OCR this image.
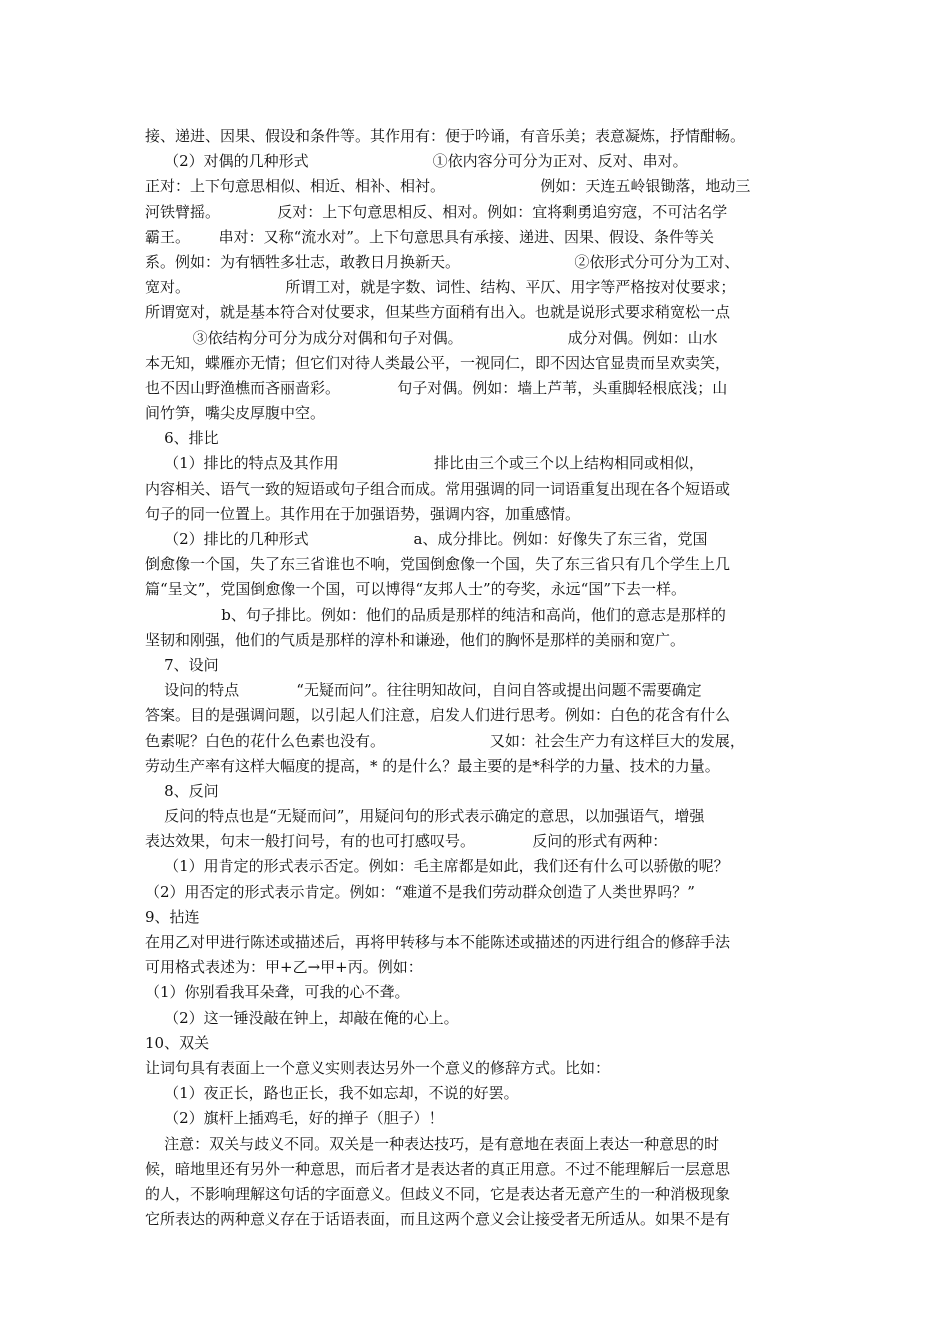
接、递进、因果、假设和条件等。其作用有：便于吟诵，有音乐美；表意凝炼，抒情酣畅。
（2）对偶的几种形式                          ①依内容分可分为正对、反对、串对。
正对：上下句意思相似、相近、相补、相衬。                    例如：天连五岭银锄落，地动三
河铁臂摇。            反对：上下句意思相反、相对。例如：宜将剩勇追穷寇，不可沽名学
霸王。      串对：又称“流水对”。上下句意思具有承接、递进、因果、假设、条件等关
系。例如：为有牺牲多壮志，敢教日月换新天。                        ②依形式分可分为工对、
宽对。                    所谓工对，就是字数、词性、结构、平仄、用字等严格按对仗要求；
所谓宽对，就是基本符合对仗要求，但某些方面稍有出入。也就是说形式要求稍宽松一点
③依结构分可分为成分对偶和句子对偶。                      成分对偶。例如：山水
本无知，蝶雁亦无情；但它们对待人类最公平，一视同仁，即不因达官显贵而呈欢卖笑，
也不因山野渔樵而吝丽啬彩。            句子对偶。例如：墙上芦苇，头重脚轻根底浅；山
间竹笋，嘴尖皮厚腹中空。
6、排比
（1）排比的特点及其作用                    排比由三个或三个以上结构相同或相似，
内容相关、语气一致的短语或句子组合而成。常用强调的同一词语重复出现在各个短语或
句子的同一位置上。其作用在于加强语势，强调内容，加重感情。
（2）排比的几种形式                      a、成分排比。例如：好像失了东三省，党国
倒愈像一个国，失了东三省谁也不响，党国倒愈像一个国，失了东三省只有几个学生上几
篇“呈文”，党国倒愈像一个国，可以博得“友邦人士”的夸奖，永远“国”下去一样。
b、句子排比。例如：他们的品质是那样的纯洁和高尚，他们的意志是那样的
坚韧和刚强，他们的气质是那样的淳朴和谦逊，他们的胸怀是那样的美丽和宽广。
7、设问
设问的特点            “无疑而问”。往往明知故问，自问自答或提出问题不需要确定
答案。目的是强调问题，以引起人们注意，启发人们进行思考。例如：白色的花含有什么
色素呢？白色的花什么色素也没有。                      又如：社会生产力有这样巨大的发展，
劳动生产率有这样大幅度的提高，* 的是什么？最主要的是*科学的力量、技术的力量。
8、反问
反问的特点也是“无疑而问”，用疑问句的形式表示确定的意思，以加强语气，增强
表达效果，句末一般打问号，有的也可打感叹号。            反问的形式有两种：
（1）用肯定的形式表示否定。例如：毛主席都是如此，我们还有什么可以骄傲的呢？
（2）用否定的形式表示肯定。例如：“难道不是我们劳动群众创造了人类世界吗？”
9、拈连
在用乙对甲进行陈述或描述后，再将甲转移与本不能陈述或描述的丙进行组合的修辞手法
可用格式表述为：甲+乙→甲+丙。例如：
（1）你别看我耳朵聋，可我的心不聋。
（2）这一锤没敲在钟上，却敲在俺的心上。
10、双关
让词句具有表面上一个意义实则表达另外一个意义的修辞方式。比如：
（1）夜正长，路也正长，我不如忘却，不说的好罢。
（2）旗杆上插鸡毛，好的掸子（胆子）！
注意：双关与歧义不同。双关是一种表达技巧，是有意地在表面上表达一种意思的时
候，暗地里还有另外一种意思，而后者才是表达者的真正用意。不过不能理解后一层意思
的人，不影响理解这句话的字面意义。但歧义不同，它是表达者无意产生的一种消极现象
它所表达的两种意义存在于话语表面，而且这两个意义会让接受者无所适从。如果不是有
